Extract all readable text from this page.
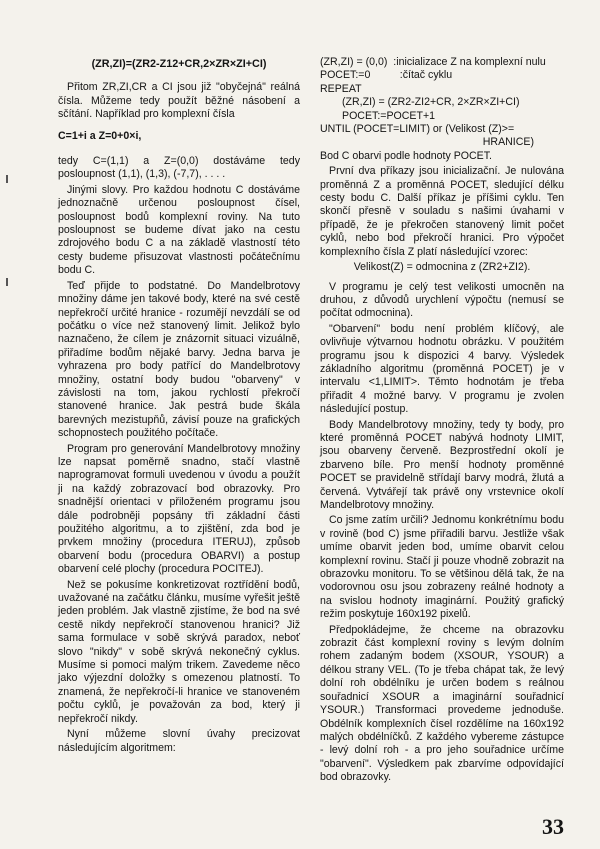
(ZR,ZI)=(ZR2-Z12+CR,2×ZR×ZI+CI)

Přitom ZR,ZI,CR a CI jsou již "obyčejná" reálná čísla. Můžeme tedy použít běžné násobení a sčítání. Například pro komplexní čísla

C=1+i a Z=0+0×i,

tedy C=(1,1) a Z=(0,0) dostáváme tedy posloupnost (1,1), (1,3), (-7,7), . . . .

Jinými slovy. Pro každou hodnotu C dostáváme jednoznačně určenou posloupnost čísel, posloupnost bodů komplexní roviny. Na tuto posloupnost se budeme dívat jako na cestu zdrojového bodu C a na základě vlastností této cesty budeme přisuzovat vlastnosti počátečnímu bodu C.

Teď přijde to podstatné. Do Mandelbrotovy množiny dáme jen takové body, které na své cestě nepřekročí určité hranice - rozumějí nevzdálí se od počátku o více než stanovený limit. Jelikož bylo naznačeno, že cílem je znázornit situaci vizuálně, přiřadíme bodům nějaké barvy. Jedna barva je vyhrazena pro body patřící do Mandelbrotovy množiny, ostatní body budou "obarveny" v závislosti na tom, jakou rychlostí překročí stanovené hranice. Jak pestrá bude škála barevných mezistupňů, závisí pouze na grafických schopnostech použitého počítače.

Program pro generování Mandelbrotovy množiny lze napsat poměrně snadno, stačí vlastně naprogramovat formuli uvedenou v úvodu a použít ji na každý zobrazovací bod obrazovky. Pro snadnější orientaci v přiloženém programu jsou dále podrobněji popsány tři základní části použitého algoritmu, a to zjištění, zda bod je prvkem množiny (procedura ITERUJ), způsob obarvení bodu (procedura OBARVI) a postup obarvení celé plochy (procedura POCITEJ).

Než se pokusíme konkretizovat roztřídění bodů, uvažované na začátku článku, musíme vyřešit ještě jeden problém. Jak vlastně zjistíme, že bod na své cestě nikdy nepřekročí stanovenou hranici? Již sama formulace v sobě skrývá paradox, neboť slovo "nikdy" v sobě skrývá nekonečný cyklus. Musíme si pomoci malým trikem. Zavedeme něco jako výjezdní doložky s omezenou platností. To znamená, že nepřekročí-li hranice ve stanoveném počtu cyklů, je považován za bod, který ji nepřekročí nikdy.

Nyní můžeme slovní úvahy precizovat následujícím algoritmem:

(ZR,ZI) = (0,0)  :inicializace Z na komplexní nulu
POCET:=0          :čítač cyklu
REPEAT
(ZR,ZI) = (ZR2-ZI2+CR, 2×ZR×ZI+CI)
POCET:=POCET+1
UNTIL (POCET=LIMIT) or (Velikost (Z)>=
HRANICE)

Bod C obarvi podle hodnoty POCET.

První dva příkazy jsou inicializační. Je nulována proměnná Z a proměnná POCET, sledující délku cesty bodu C. Další příkaz je příšimi cyklu. Ten skončí přesně v souladu s našimi úvahami v případě, že je překročen stanovený limit počet cyklů, nebo bod překročí hranici. Pro výpočet komplexního čísla Z platí následující vzorec:

Velikost(Z) = odmocnina z (ZR2+ZI2).

V programu je celý test velikosti umocněn na druhou, z důvodů urychlení výpočtu (nemusí se počítat odmocnina).

"Obarvení" bodu není problém klíčový, ale ovlivňuje výtvarnou hodnotu obrázku. V použitém programu jsou k dispozici 4 barvy. Výsledek základního algoritmu (proměnná POCET) je v intervalu <1,LIMIT>. Těmto hodnotám je třeba přiřadit 4 možné barvy. V programu je zvolen následující postup.

Body Mandelbrotovy množiny, tedy ty body, pro které proměnná POCET nabývá hodnoty LIMIT, jsou obarveny červeně. Bezprostřední okolí je zbarveno bíle. Pro menší hodnoty proměnné POCET se pravidelně střídají barvy modrá, žlutá a červená. Vytvářejí tak právě ony vrstevnice okolí Mandelbrotovy množiny.

Co jsme zatím určili? Jednomu konkrétnímu bodu v rovině (bod C) jsme přiřadili barvu. Jestliže však umíme obarvit jeden bod, umíme obarvit celou komplexní rovinu. Stačí ji pouze vhodně zobrazit na obrazovku monitoru. To se většinou dělá tak, že na vodorovnou osu jsou zobrazeny reálné hodnoty a na svislou hodnoty imaginární. Použitý grafický režim poskytuje 160x192 pixelů.

Předpokládejme, že chceme na obrazovku zobrazit část komplexní roviny s levým dolním rohem zadaným bodem (XSOUR, YSOUR) a délkou strany VEL. (To je třeba chápat tak, že levý dolní roh obdélníku je určen bodem s reálnou souřadnicí XSOUR a imaginární souřadnicí YSOUR.) Transformaci provedeme jednoduše. Obdélník komplexních čísel rozdělíme na 160x192 malých obdélníčků. Z každého vybereme zástupce - levý dolní roh - a pro jeho souřadnice určíme "obarvení". Výsledkem pak zbarvíme odpovídající bod obrazovky.

33
